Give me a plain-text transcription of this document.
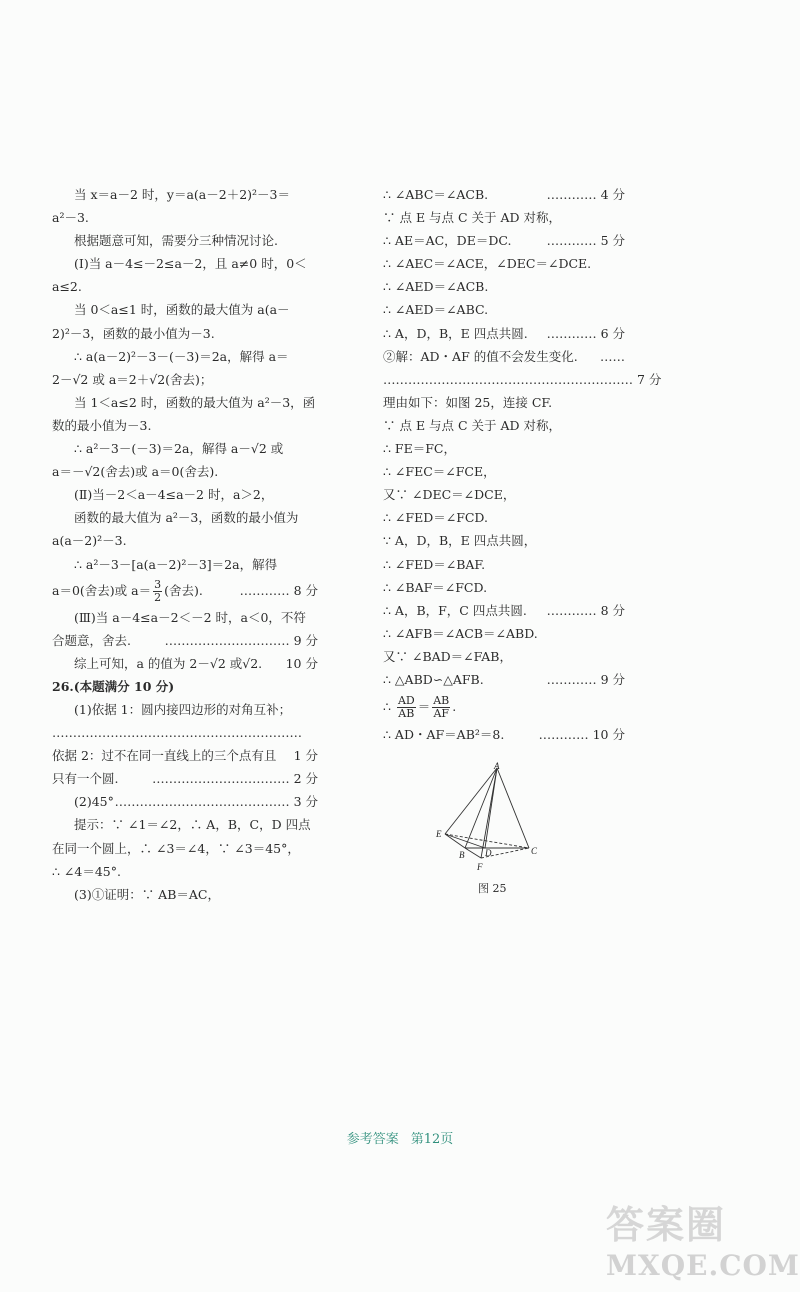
当 x＝a－2 时，y＝a(a－2＋2)²－3＝
a²－3.
根据题意可知，需要分三种情况讨论.
(Ⅰ)当 a－4≤－2≤a－2，且 a≠0 时，0＜
a≤2.
当 0＜a≤1 时，函数的最大值为 a(a－
2)²－3，函数的最小值为－3.
∴ a(a－2)²－3－(－3)＝2a，解得 a＝
2－√2 或 a＝2＋√2(舍去)；
当 1＜a≤2 时，函数的最大值为 a²－3，函
数的最小值为－3.
∴ a²－3－(－3)＝2a，解得 a－√2 或
a＝－√2(舍去)或 a＝0(舍去).
(Ⅱ)当－2＜a－4≤a－2 时，a＞2，
函数的最大值为 a²－3，函数的最小值为
a(a－2)²－3.
∴ a²－3－[a(a－2)²－3]＝2a，解得
a＝0(舍去)或 $a= \frac{3}{2}$ (舍去).	………… 8 分
(Ⅲ)当 a－4≤a－2＜－2 时，a＜0，不符
合题意，舍去.	………………………… 9 分
综上可知，a 的值为 2－√2 或√2. 10 分
26.(本题满分 10 分)
(1)依据 1：圆内接四边形的对角互补；
……………………………………………………
1 分
依据 2：过不在同一直线上的三个点有且
只有一个圆.	…………………………… 2 分
(2)45° …………………………………… 3 分
提示：∵ ∠1＝∠2，∴ A，B，C，D 四点
在同一个圆上，∴ ∠3＝∠4，∵ ∠3＝45°，
∴ ∠4＝45°.
(3)①证明：∵ AB＝AC，
∴ ∠ABC＝∠ACB.	………… 4 分
∵ 点 E 与点 C 关于 AD 对称，
∴ AE＝AC，DE＝DC.	………… 5 分
∴ ∠AEC＝∠ACE，∠DEC＝∠DCE.
∴ ∠AED＝∠ACB.
∴ ∠AED＝∠ABC.
∴ A，D，B，E 四点共圆. ………… 6 分
②解：AD・AF 的值不会发生变化. ……
…………………………………………………… 7 分
理由如下：如图 25，连接 CF.
∵ 点 E 与点 C 关于 AD 对称，
∴ FE＝FC，
∴ ∠FEC＝∠FCE，
又∵ ∠DEC＝∠DCE，
∴ ∠FED＝∠FCD.
∵ A，D，B，E 四点共圆，
∴ ∠FED＝∠BAF.
∴ ∠BAF＝∠FCD.
∴ A，B，F，C 四点共圆. ………… 8 分
∴ ∠AFB＝∠ACB＝∠ABD.
又∵ ∠BAD＝∠FAB，
∴ △ABD∽△AFB.	………… 9 分
∴ $\frac{AD}{AB} = \frac{AB}{AF}$ .
∴ AD・AF＝AB²＝8.	………… 10 分
A
E
B D	C
F
图 25
参考答案 第12页
答案圈
MXQE.COM
